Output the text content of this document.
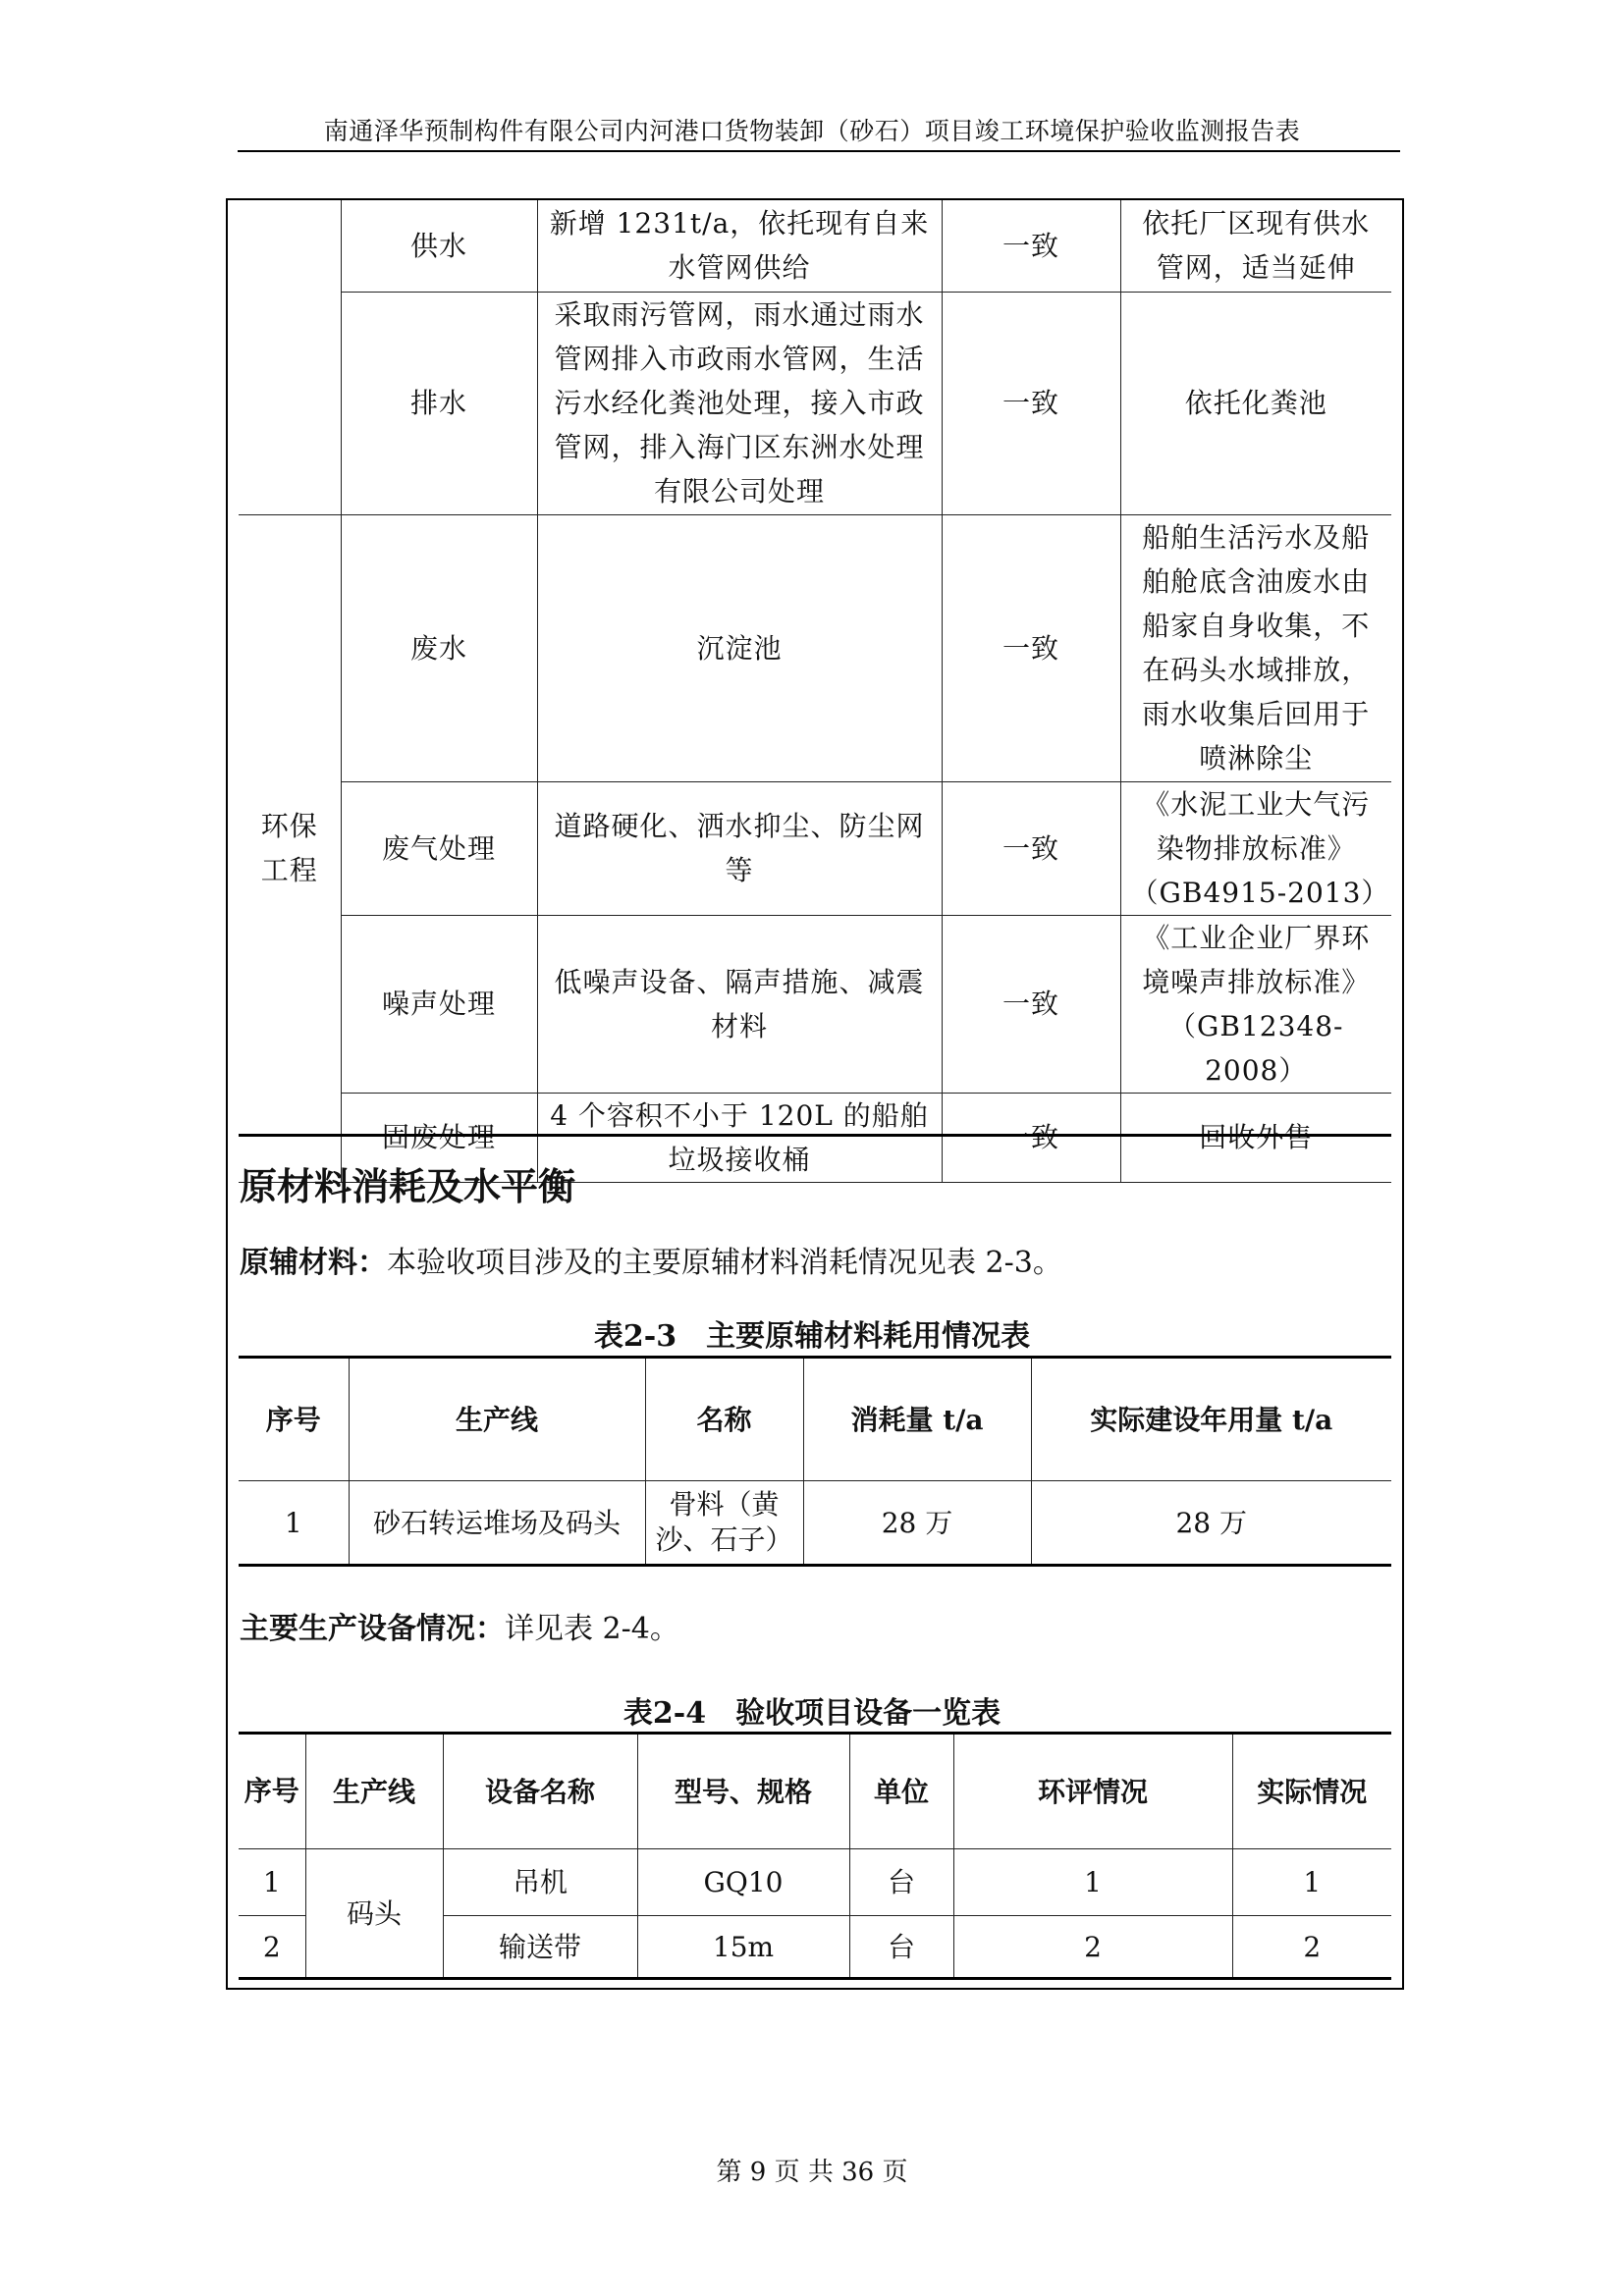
南通泽华预制构件有限公司内河港口货物装卸（砂石）项目竣工环境保护验收监测报告表
	供水	新增 1231t/a，依托现有自来水管网供给	一致	依托厂区现有供水管网，适当延伸
	排水	采取雨污管网，雨水通过雨水管网排入市政雨水管网，生活污水经化粪池处理，接入市政管网，排入海门区东洲水处理有限公司处理	一致	依托化粪池
环保工程	废水	沉淀池	一致	船舶生活污水及船舶舱底含油废水由船家自身收集，不在码头水域排放，雨水收集后回用于喷淋除尘
	废气处理	道路硬化、洒水抑尘、防尘网等	一致	《水泥工业大气污染物排放标准》（GB4915-2013）
	噪声处理	低噪声设备、隔声措施、减震材料	一致	《工业企业厂界环境噪声排放标准》（GB12348-2008）
	固废处理	4 个容积不小于 120L 的船舶垃圾接收桶	一致	回收外售
原材料消耗及水平衡
原辅材料：本验收项目涉及的主要原辅材料消耗情况见表 2-3。
表2-3　主要原辅材料耗用情况表
序号	生产线	名称	消耗量 t/a	实际建设年用量 t/a
1	砂石转运堆场及码头	骨料（黄沙、石子）	28 万	28 万
主要生产设备情况：详见表 2-4。
表2-4　验收项目设备一览表
序号	生产线	设备名称	型号、规格	单位	环评情况	实际情况
1	码头	吊机	GQ10	台	1	1
2		输送带	15m	台	2	2
第 9 页 共 36 页
